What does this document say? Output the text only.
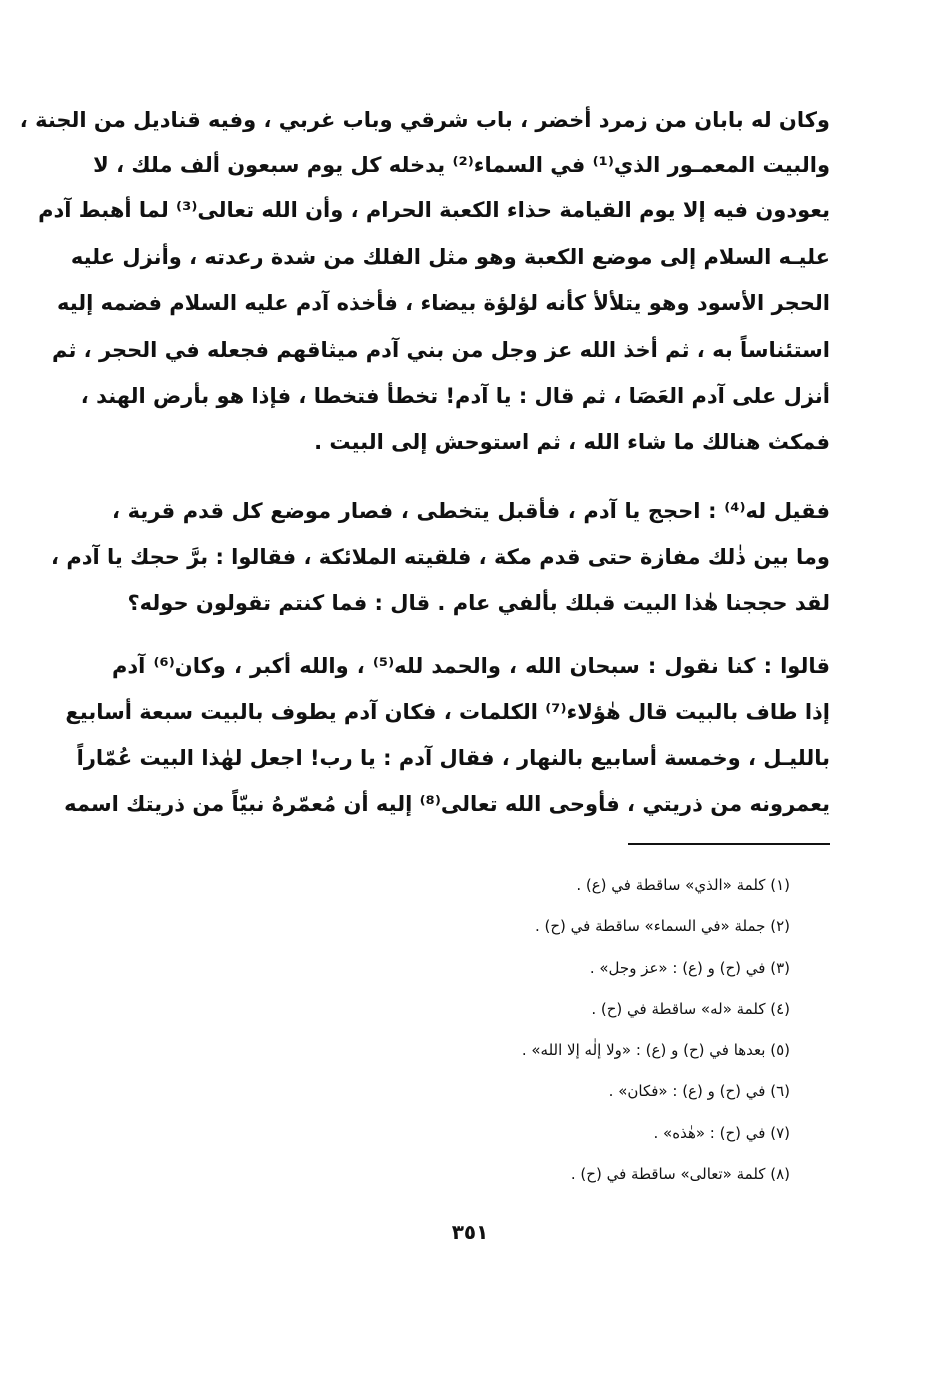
وكان له بابان من زمرد أخضر ، باب شرقي وباب غربي ، وفيه قناديل من الجنة ،
والبيت المعمـور الذي⁽¹⁾ في السماء⁽²⁾ يدخله كل يوم سبعون ألف ملك ، لا
يعودون فيه إلا يوم القيامة حذاء الكعبة الحرام ، وأن الله تعالى⁽³⁾ لما أهبط آدم
عليـه السلام إلى موضع الكعبة وهو مثل الفلك من شدة رعدته ، وأنزل عليه
الحجر الأسود وهو يتلألأ كأنه لؤلؤة بيضاء ، فأخذه آدم عليه السلام فضمه إليه
استئناساً به ، ثم أخذ الله عز وجل من بني آدم ميثاقهم فجعله في الحجر ، ثم
أنزل على آدم العَصَا ، ثم قال : يا آدم! تخطأ فتخطا ، فإذا هو بأرض الهند ،
فمكث هنالك ما شاء الله ، ثم استوحش إلى البيت .
فقيل له⁽⁴⁾ : احجج يا آدم ، فأقبل يتخطى ، فصار موضع كل قدم قرية ،
وما بين ذٰلك مفازة حتى قدم مكة ، فلقيته الملائكة ، فقالوا : برَّ حجك يا آدم ،
لقد حججنا هٰذا البيت قبلك بألفي عام . قال : فما كنتم تقولون حوله؟
قالوا : كنا نقول : سبحان الله ، والحمد لله⁽⁵⁾ ، والله أكبر ، وكان⁽⁶⁾ آدم
إذا طاف بالبيت قال هٰؤلاء⁽⁷⁾ الكلمات ، فكان آدم يطوف بالبيت سبعة أسابيع
بالليـل ، وخمسة أسابيع بالنهار ، فقال آدم : يا رب! اجعل لهٰذا البيت عُمّاراً
يعمرونه من ذريتي ، فأوحى الله تعالى⁽⁸⁾ إليه أن مُعمّرهُ نبيّاً من ذريتك اسمه
(١) كلمة «الذي» ساقطة في (ع) .
(٢) جملة «في السماء» ساقطة في (ح) .
(٣) في (ح) و (ع) : «عز وجل» .
(٤) كلمة «له» ساقطة في (ح) .
(٥) بعدها في (ح) و (ع) : «ولا إلٰه إلا الله» .
(٦) في (ح) و (ع) : «فكان» .
(٧) في (ح) : «هٰذه» .
(٨) كلمة «تعالى» ساقطة في (ح) .
٣٥١
